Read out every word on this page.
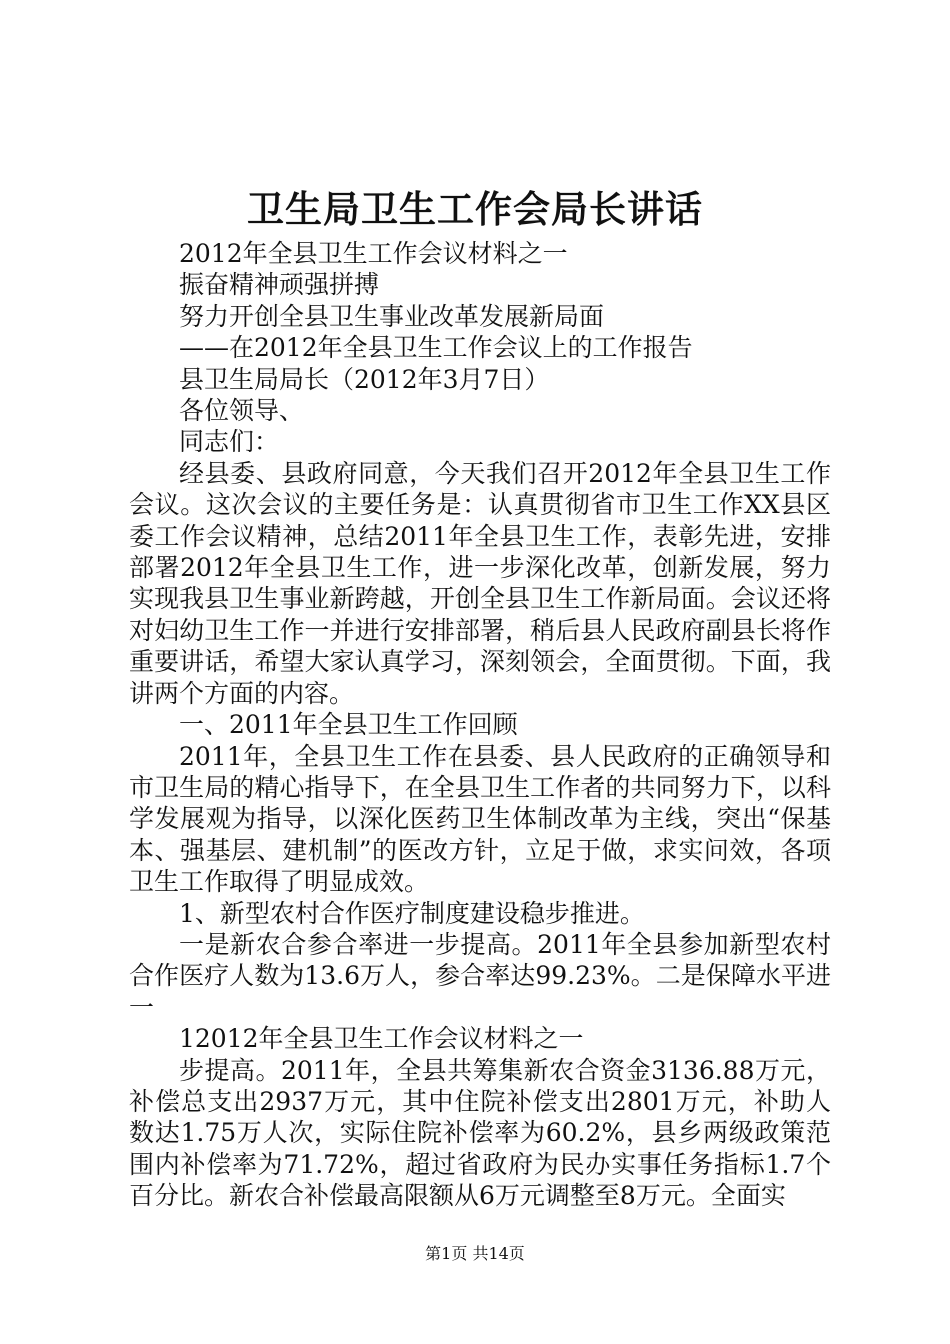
卫生局卫生工作会局长讲话

2012年全县卫生工作会议材料之一

振奋精神顽强拼搏

努力开创全县卫生事业改革发展新局面

——在2012年全县卫生工作会议上的工作报告

县卫生局局长（2012年3月7日）

各位领导、

同志们：

经县委、县政府同意，今天我们召开2012年全县卫生工作会议。这次会议的主要任务是：认真贯彻省市卫生工作XX县区委工作会议精神，总结2011年全县卫生工作，表彰先进，安排部署2012年全县卫生工作，进一步深化改革，创新发展，努力实现我县卫生事业新跨越，开创全县卫生工作新局面。会议还将对妇幼卫生工作一并进行安排部署，稍后县人民政府副县长将作重要讲话，希望大家认真学习，深刻领会，全面贯彻。下面，我讲两个方面的内容。

一、2011年全县卫生工作回顾

2011年，全县卫生工作在县委、县人民政府的正确领导和市卫生局的精心指导下，在全县卫生工作者的共同努力下，以科学发展观为指导，以深化医药卫生体制改革为主线，突出“保基本、强基层、建机制”的医改方针，立足于做，求实问效，各项卫生工作取得了明显成效。

1、新型农村合作医疗制度建设稳步推进。

一是新农合参合率进一步提高。2011年全县参加新型农村合作医疗人数为13.6万人，参合率达99.23%。二是保障水平进一

12012年全县卫生工作会议材料之一

步提高。2011年，全县共筹集新农合资金3136.88万元，补偿总支出2937万元，其中住院补偿支出2801万元，补助人数达1.75万人次，实际住院补偿率为60.2%，县乡两级政策范围内补偿率为71.72%，超过省政府为民办实事任务指标1.7个百分比。新农合补偿最高限额从6万元调整至8万元。全面实

第1页 共14页
